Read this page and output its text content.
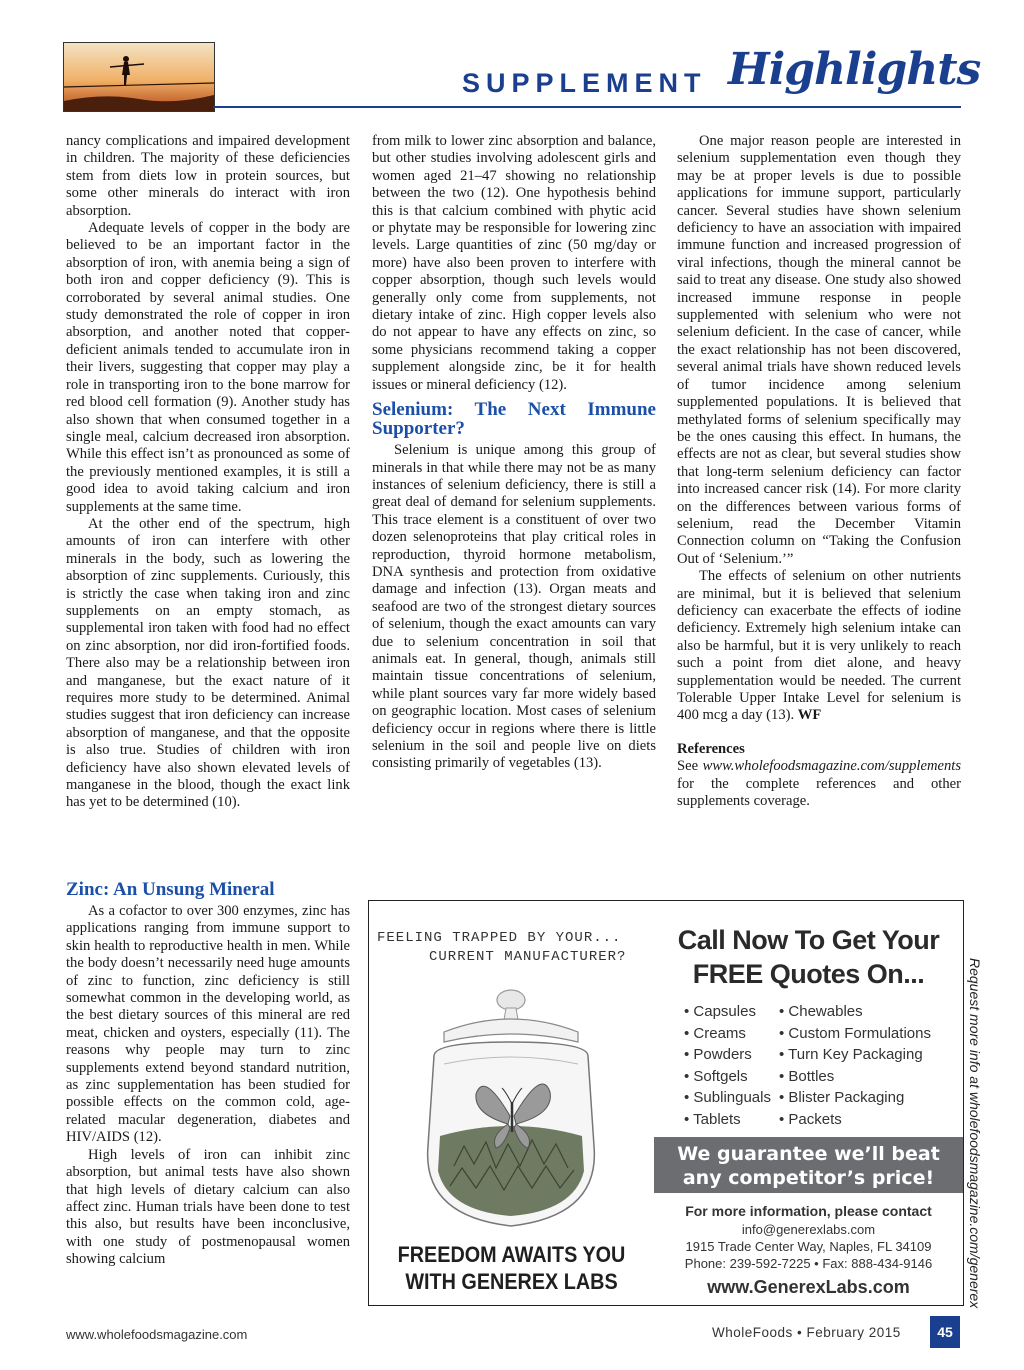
SUPPLEMENT Highlights

nancy complications and impaired development in children. The majority of these deficiencies stem from diets low in protein sources, but some other minerals do interact with iron absorption.

Adequate levels of copper in the body are believed to be an important factor in the absorption of iron, with anemia being a sign of both iron and copper deficiency (9). This is corroborated by several animal studies. One study demonstrated the role of copper in iron absorption, and another noted that copper-deficient animals tended to accumulate iron in their livers, suggesting that copper may play a role in transporting iron to the bone marrow for red blood cell formation (9). Another study has also shown that when consumed together in a single meal, calcium decreased iron absorption. While this effect isn’t as pronounced as some of the previously mentioned examples, it is still a good idea to avoid taking calcium and iron supplements at the same time.

At the other end of the spectrum, high amounts of iron can interfere with other minerals in the body, such as lowering the absorption of zinc supplements. Curiously, this is strictly the case when taking iron and zinc supplements on an empty stomach, as supplemental iron taken with food had no effect on zinc absorption, nor did iron-fortified foods. There also may be a relationship between iron and manganese, but the exact nature of it requires more study to be determined. Animal studies suggest that iron deficiency can increase absorption of manganese, and that the opposite is also true. Studies of children with iron deficiency have also shown elevated levels of manganese in the blood, though the exact link has yet to be determined (10).

Zinc: An Unsung Mineral

As a cofactor to over 300 enzymes, zinc has applications ranging from immune support to skin health to reproductive health in men. While the body doesn’t necessarily need huge amounts of zinc to function, zinc deficiency is still somewhat common in the developing world, as the best dietary sources of this mineral are red meat, chicken and oysters, especially (11). The reasons why people may turn to zinc supplements extend beyond standard nutrition, as zinc supplementation has been studied for possible effects on the common cold, age-related macular degeneration, diabetes and HIV/AIDS (12).

High levels of iron can inhibit zinc absorption, but animal tests have also shown that high levels of dietary calcium can also affect zinc. Human trials have been done to test this also, but results have been inconclusive, with one study of postmenopausal women showing calcium

from milk to lower zinc absorption and balance, but other studies involving adolescent girls and women aged 21–47 showing no relationship between the two (12). One hypothesis behind this is that calcium combined with phytic acid or phytate may be responsible for lowering zinc levels. Large quantities of zinc (50 mg/day or more) have also been proven to interfere with copper absorption, though such levels would generally only come from supplements, not dietary intake of zinc. High copper levels also do not appear to have any effects on zinc, so some physicians recommend taking a copper supplement alongside zinc, be it for health issues or mineral deficiency (12).

Selenium: The Next Immune Supporter?

Selenium is unique among this group of minerals in that while there may not be as many instances of selenium deficiency, there is still a great deal of demand for selenium supplements. This trace element is a constituent of over two dozen selenoproteins that play critical roles in reproduction, thyroid hormone metabolism, DNA synthesis and protection from oxidative damage and infection (13). Organ meats and seafood are two of the strongest dietary sources of selenium, though the exact amounts can vary due to selenium concentration in soil that animals eat. In general, though, animals still maintain tissue concentrations of selenium, while plant sources vary far more widely based on geographic location. Most cases of selenium deficiency occur in regions where there is little selenium in the soil and people live on diets consisting primarily of vegetables (13).

One major reason people are interested in selenium supplementation even though they may be at proper levels is due to possible applications for immune support, particularly cancer. Several studies have shown selenium deficiency to have an association with impaired immune function and increased progression of viral infections, though the mineral cannot be said to treat any disease. One study also showed increased immune response in people supplemented with selenium who were not selenium deficient. In the case of cancer, while the exact relationship has not been discovered, several animal trials have shown reduced levels of tumor incidence among selenium supplemented populations. It is believed that methylated forms of selenium specifically may be the ones causing this effect. In humans, the effects are not as clear, but several studies show that long-term selenium deficiency can factor into increased cancer risk (14). For more clarity on the differences between various forms of selenium, read the December Vitamin Connection column on “Taking the Confusion Out of ‘Selenium.’”

The effects of selenium on other nutrients are minimal, but it is believed that selenium deficiency can exacerbate the effects of iodine deficiency. Extremely high selenium intake can also be harmful, but it is very unlikely to reach such a point from diet alone, and heavy supplementation would be needed. The current Tolerable Upper Intake Level for selenium is 400 mcg a day (13). WF

References

See www.wholefoodsmagazine.com/supplements for the complete references and other supplements coverage.

FEELING TRAPPED BY YOUR...
CURRENT MANUFACTURER?
FREEDOM AWAITS YOU
WITH GENEREX LABS
Call Now To Get Your
FREE Quotes On...
• Capsules
• Creams
• Powders
• Softgels
• Sublinguals
• Tablets
• Chewables
• Custom Formulations
• Turn Key Packaging
• Bottles
• Blister Packaging
• Packets
We guarantee we’ll beat
any competitor’s price!
For more information, please contact
info@generexlabs.com
1915 Trade Center Way, Naples, FL 34109
Phone: 239-592-7225 • Fax: 888-434-9146
www.GenerexLabs.com	Request more info at wholefoodsmagazine.com/generex
www.wholefoodsmagazine.com	WholeFoods • February 2015	45
